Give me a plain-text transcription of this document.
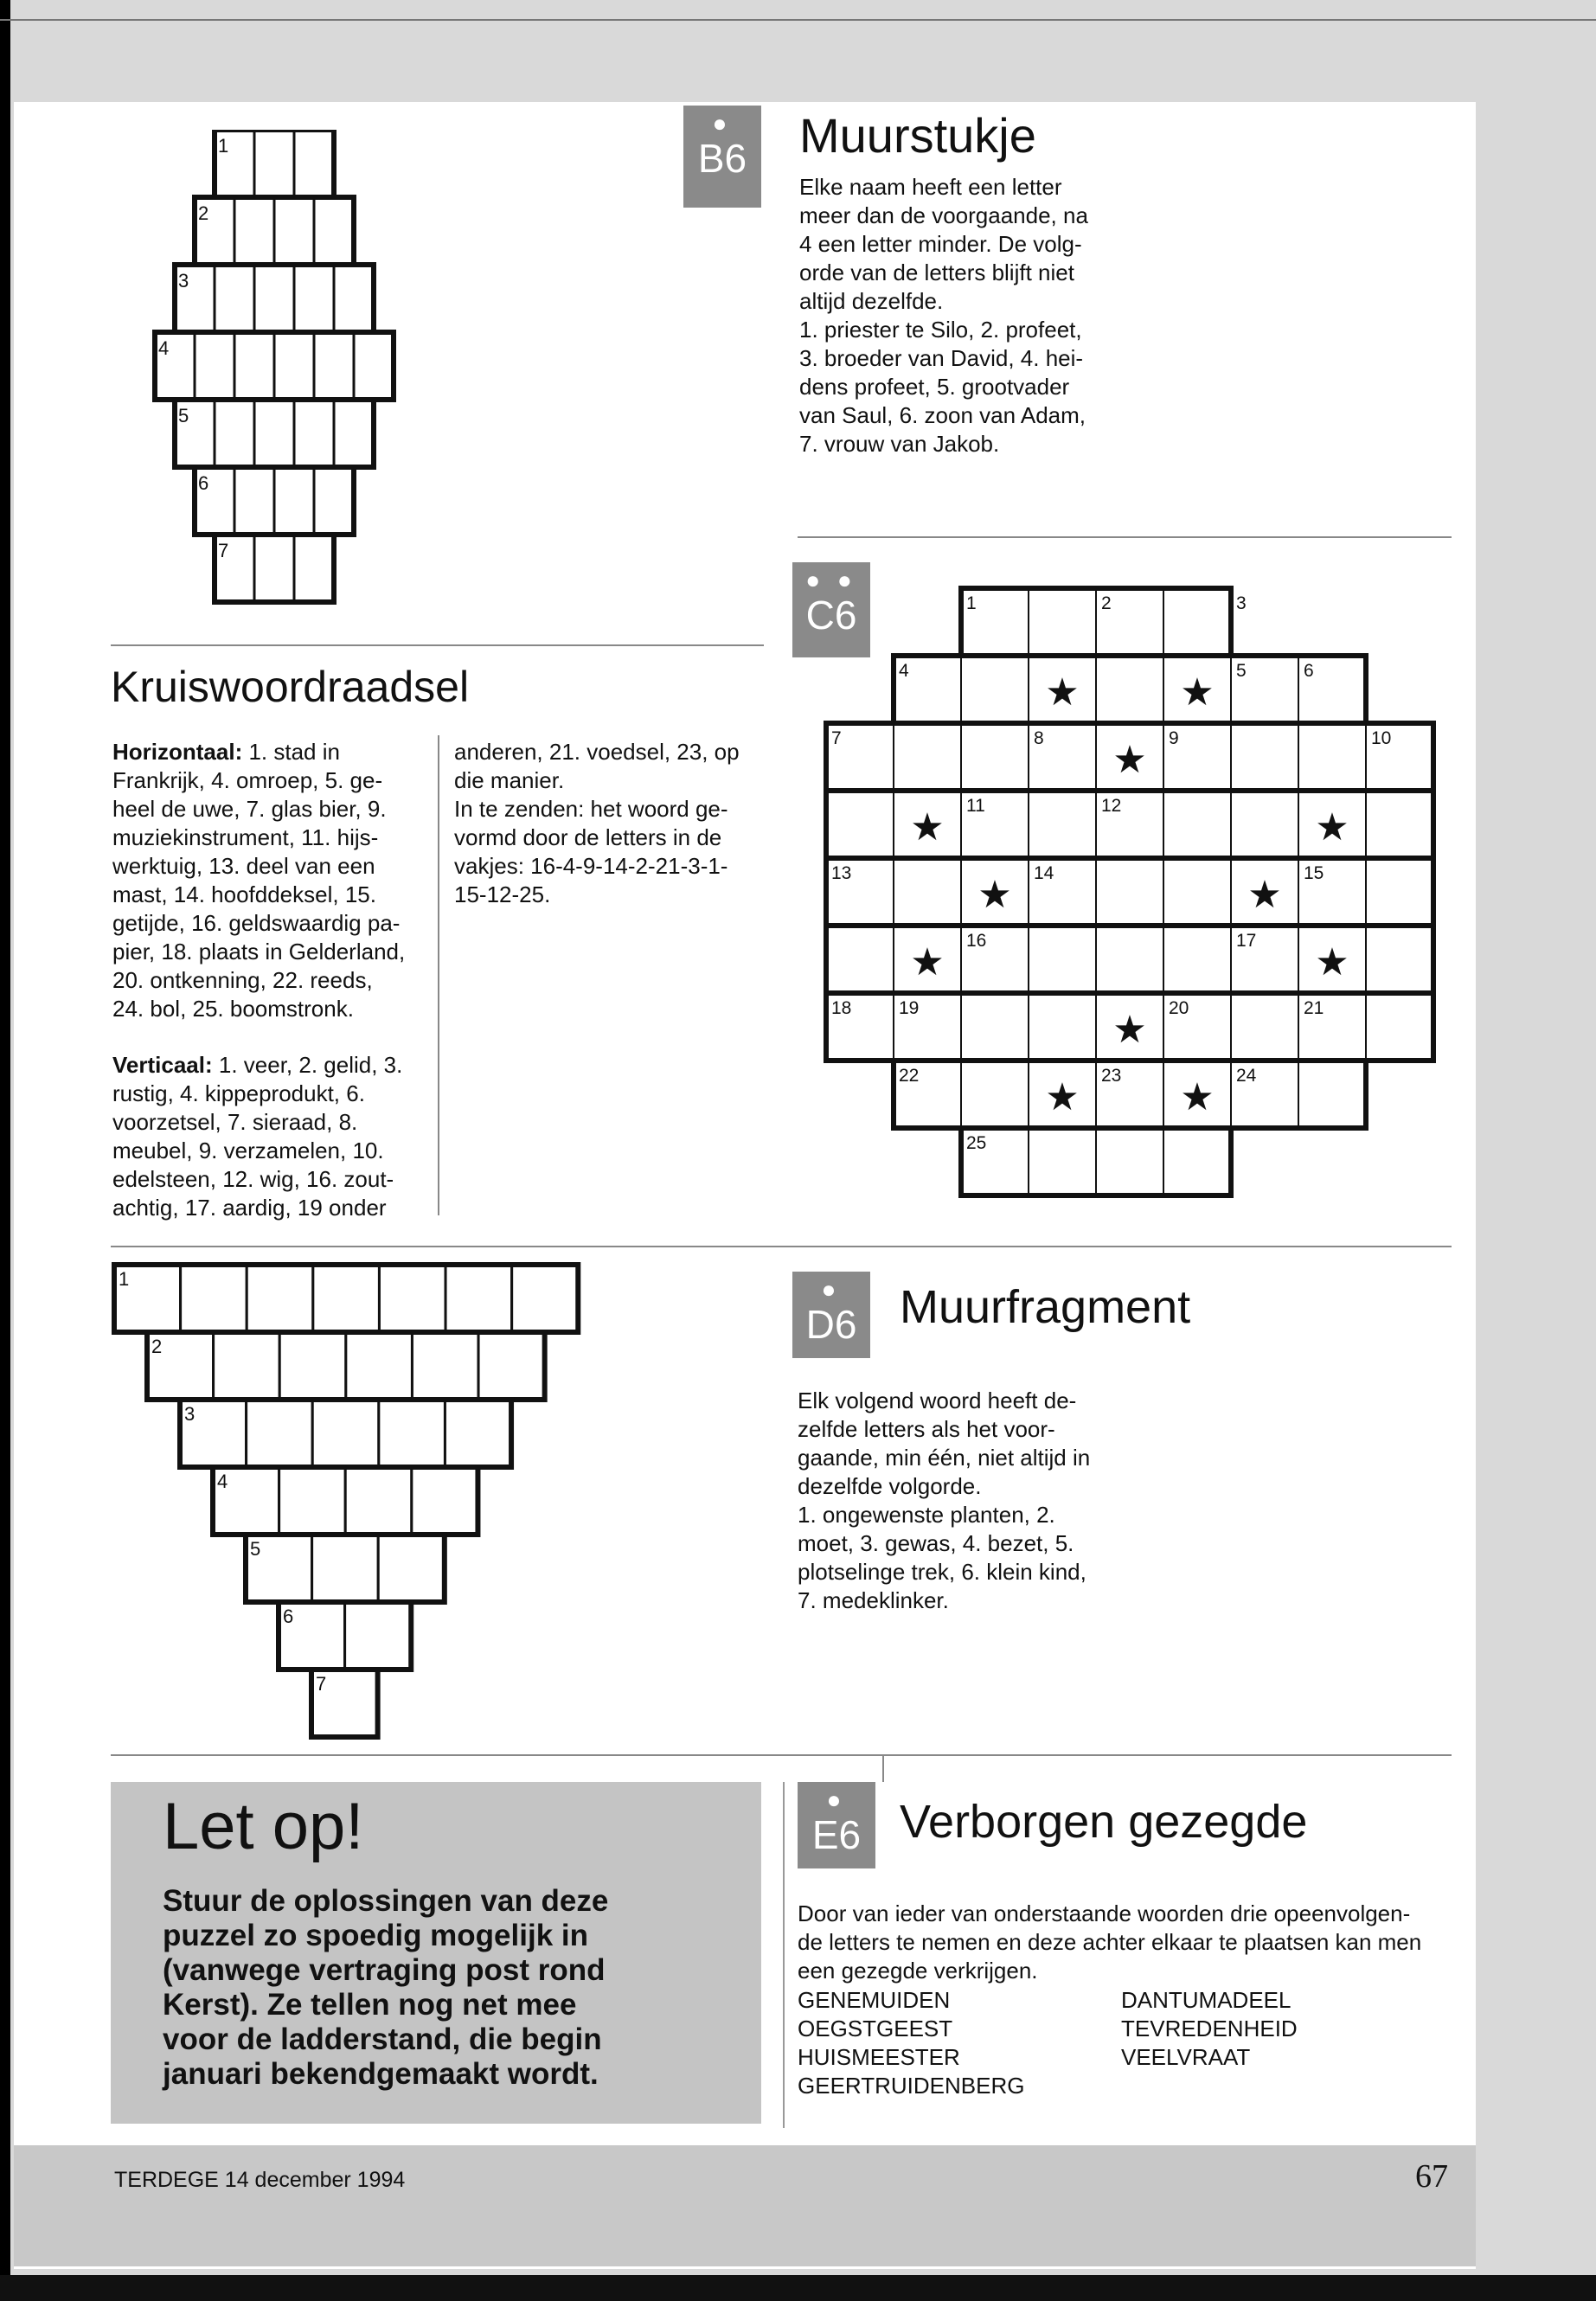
1
2
3
4
5
6
7
1	2	3
4	5	6
7	8	9	10
11	12
13	14	15
16	17
18	19	20	21
22	23	24
25
★	★
★
★	★
★	★
★	★
★
★	★
1
2
3
4
5
6
7
●
B6	Muurstukje
Elke naam heeft een letter
meer dan de voorgaande, na
4 een letter minder. De volg-
orde van de letters blijft niet
altijd dezelfde.
1. priester te Silo, 2. profeet,
3. broeder van David, 4. hei-
dens profeet, 5. grootvader
van Saul, 6. zoon van Adam,
7. vrouw van Jakob.
● ●
C6
Kruiswoordraadsel
Horizontaal: 1. stad in
Frankrijk, 4. omroep, 5. ge-
heel de uwe, 7. glas bier, 9.
muziekinstrument, 11. hijs-
werktuig, 13. deel van een
mast, 14. hoofddeksel, 15.
getijde, 16. geldswaardig pa-
pier, 18. plaats in Gelderland,
20. ontkenning, 22. reeds,
24. bol, 25. boomstronk.
Verticaal: 1. veer, 2. gelid, 3.
rustig, 4. kippeprodukt, 6.
voorzetsel, 7. sieraad, 8.
meubel, 9. verzamelen, 10.
edelsteen, 12. wig, 16. zout-
achtig, 17. aardig, 19 onder
anderen, 21. voedsel, 23, op
die manier.
In te zenden: het woord ge-
vormd door de letters in de
vakjes: 16-4-9-14-2-21-3-1-
15-12-25.
●
D6 Muurfragment
Elk volgend woord heeft de-
zelfde letters als het voor-
gaande, min één, niet altijd in
dezelfde volgorde.
1. ongewenste planten, 2.
moet, 3. gewas, 4. bezet, 5.
plotselinge trek, 6. klein kind,
7. medeklinker.
Let op!
Stuur de oplossingen van deze
puzzel zo spoedig mogelijk in
(vanwege vertraging post rond
Kerst). Ze tellen nog net mee
voor de ladderstand, die begin
januari bekendgemaakt wordt.
●
E6 Verborgen gezegde
Door van ieder van onderstaande woorden drie opeenvolgen-
de letters te nemen en deze achter elkaar te plaatsen kan men
een gezegde verkrijgen.
GENEMUIDEN
OEGSTGEEST
HUISMEESTER
GEERTRUIDENBERG
DANTUMADEEL
TEVREDENHEID
VEELVRAAT
TERDEGE 14 december 1994	67
